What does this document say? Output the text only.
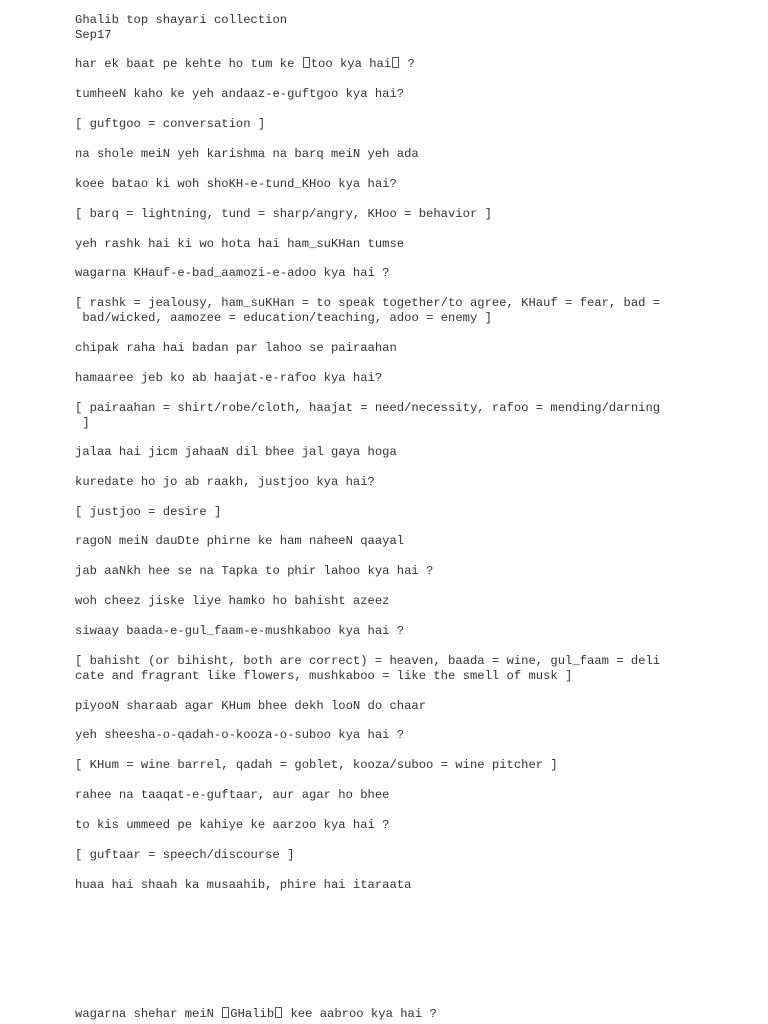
Ghalib top shayari collection
Sep17
har ek baat pe kehte ho tum ke too kya hai ?
tumheeN kaho ke yeh andaaz-e-guftgoo kya hai?
[ guftgoo = conversation ]
na shole meiN yeh karishma na barq meiN yeh ada
koee batao ki woh shoKH-e-tund_KHoo kya hai?
[ barq = lightning, tund = sharp/angry, KHoo = behavior ]
yeh rashk hai ki wo hota hai ham_suKHan tumse
wagarna KHauf-e-bad_aamozi-e-adoo kya hai ?
[ rashk = jealousy, ham_suKHan = to speak together/to agree, KHauf = fear, bad =
bad/wicked, aamozee = education/teaching, adoo = enemy ]
chipak raha hai badan par lahoo se pairaahan
hamaaree jeb ko ab haajat-e-rafoo kya hai?
[ pairaahan = shirt/robe/cloth, haajat = need/necessity, rafoo = mending/darning
]
jalaa hai jicm jahaaN dil bhee jal gaya hoga
kuredate ho jo ab raakh, justjoo kya hai?
[ justjoo = desire ]
ragoN meiN dauDte phirne ke ham naheeN qaayal
jab aaNkh hee se na Tapka to phir lahoo kya hai ?
woh cheez jiske liye hamko ho bahisht azeez
siwaay baada-e-gul_faam-e-mushkaboo kya hai ?
[ bahisht (or bihisht, both are correct) = heaven, baada = wine, gul_faam = deli
cate and fragrant like flowers, mushkaboo = like the smell of musk ]
piyooN sharaab agar KHum bhee dekh looN do chaar
yeh sheesha-o-qadah-o-kooza-o-suboo kya hai ?
[ KHum = wine barrel, qadah = goblet, kooza/suboo = wine pitcher ]
rahee na taaqat-e-guftaar, aur agar ho bhee
to kis ummeed pe kahiye ke aarzoo kya hai ?
[ guftaar = speech/discourse ]
huaa hai shaah ka musaahib, phire hai itaraata
wagarna shehar meiN GHalib kee aabroo kya hai ?
